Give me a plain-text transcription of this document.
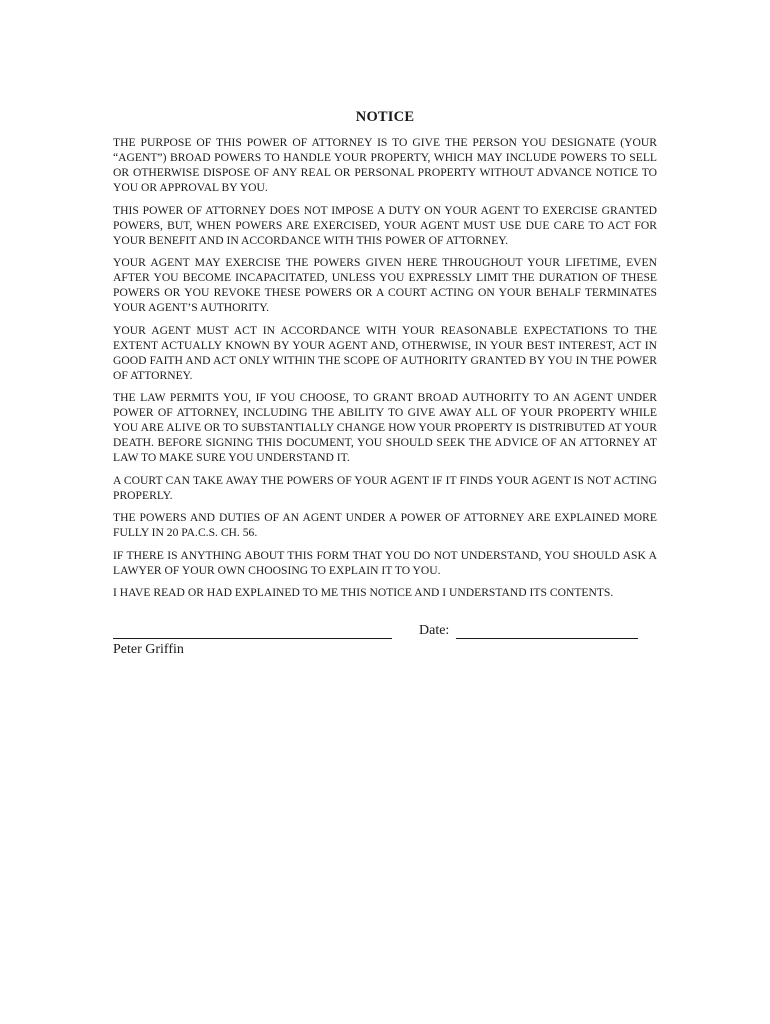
NOTICE

THE PURPOSE OF THIS POWER OF ATTORNEY IS TO GIVE THE PERSON YOU DESIGNATE (YOUR “AGENT”) BROAD POWERS TO HANDLE YOUR PROPERTY, WHICH MAY INCLUDE POWERS TO SELL OR OTHERWISE DISPOSE OF ANY REAL OR PERSONAL PROPERTY WITHOUT ADVANCE NOTICE TO YOU OR APPROVAL BY YOU.

THIS POWER OF ATTORNEY DOES NOT IMPOSE A DUTY ON YOUR AGENT TO EXERCISE GRANTED POWERS, BUT, WHEN POWERS ARE EXERCISED, YOUR AGENT MUST USE DUE CARE TO ACT FOR YOUR BENEFIT AND IN ACCORDANCE WITH THIS POWER OF ATTORNEY.

YOUR AGENT MAY EXERCISE THE POWERS GIVEN HERE THROUGHOUT YOUR LIFETIME, EVEN AFTER YOU BECOME INCAPACITATED, UNLESS YOU EXPRESSLY LIMIT THE DURATION OF THESE POWERS OR YOU REVOKE THESE POWERS OR A COURT ACTING ON YOUR BEHALF TERMINATES YOUR AGENT’S AUTHORITY.

YOUR AGENT MUST ACT IN ACCORDANCE WITH YOUR REASONABLE EXPECTATIONS TO THE EXTENT ACTUALLY KNOWN BY YOUR AGENT AND, OTHERWISE, IN YOUR BEST INTEREST, ACT IN GOOD FAITH AND ACT ONLY WITHIN THE SCOPE OF AUTHORITY GRANTED BY YOU IN THE POWER OF ATTORNEY.

THE LAW PERMITS YOU, IF YOU CHOOSE, TO GRANT BROAD AUTHORITY TO AN AGENT UNDER POWER OF ATTORNEY, INCLUDING THE ABILITY TO GIVE AWAY ALL OF YOUR PROPERTY WHILE YOU ARE ALIVE OR TO SUBSTANTIALLY CHANGE HOW YOUR PROPERTY IS DISTRIBUTED AT YOUR DEATH. BEFORE SIGNING THIS DOCUMENT, YOU SHOULD SEEK THE ADVICE OF AN ATTORNEY AT LAW TO MAKE SURE YOU UNDERSTAND IT.

A COURT CAN TAKE AWAY THE POWERS OF YOUR AGENT IF IT FINDS YOUR AGENT IS NOT ACTING PROPERLY.

THE POWERS AND DUTIES OF AN AGENT UNDER A POWER OF ATTORNEY ARE EXPLAINED MORE FULLY IN 20 PA.C.S. CH. 56.

IF THERE IS ANYTHING ABOUT THIS FORM THAT YOU DO NOT UNDERSTAND, YOU SHOULD ASK A LAWYER OF YOUR OWN CHOOSING TO EXPLAIN IT TO YOU.

I HAVE READ OR HAD EXPLAINED TO ME THIS NOTICE AND I UNDERSTAND ITS CONTENTS.

Date:
Peter Griffin
